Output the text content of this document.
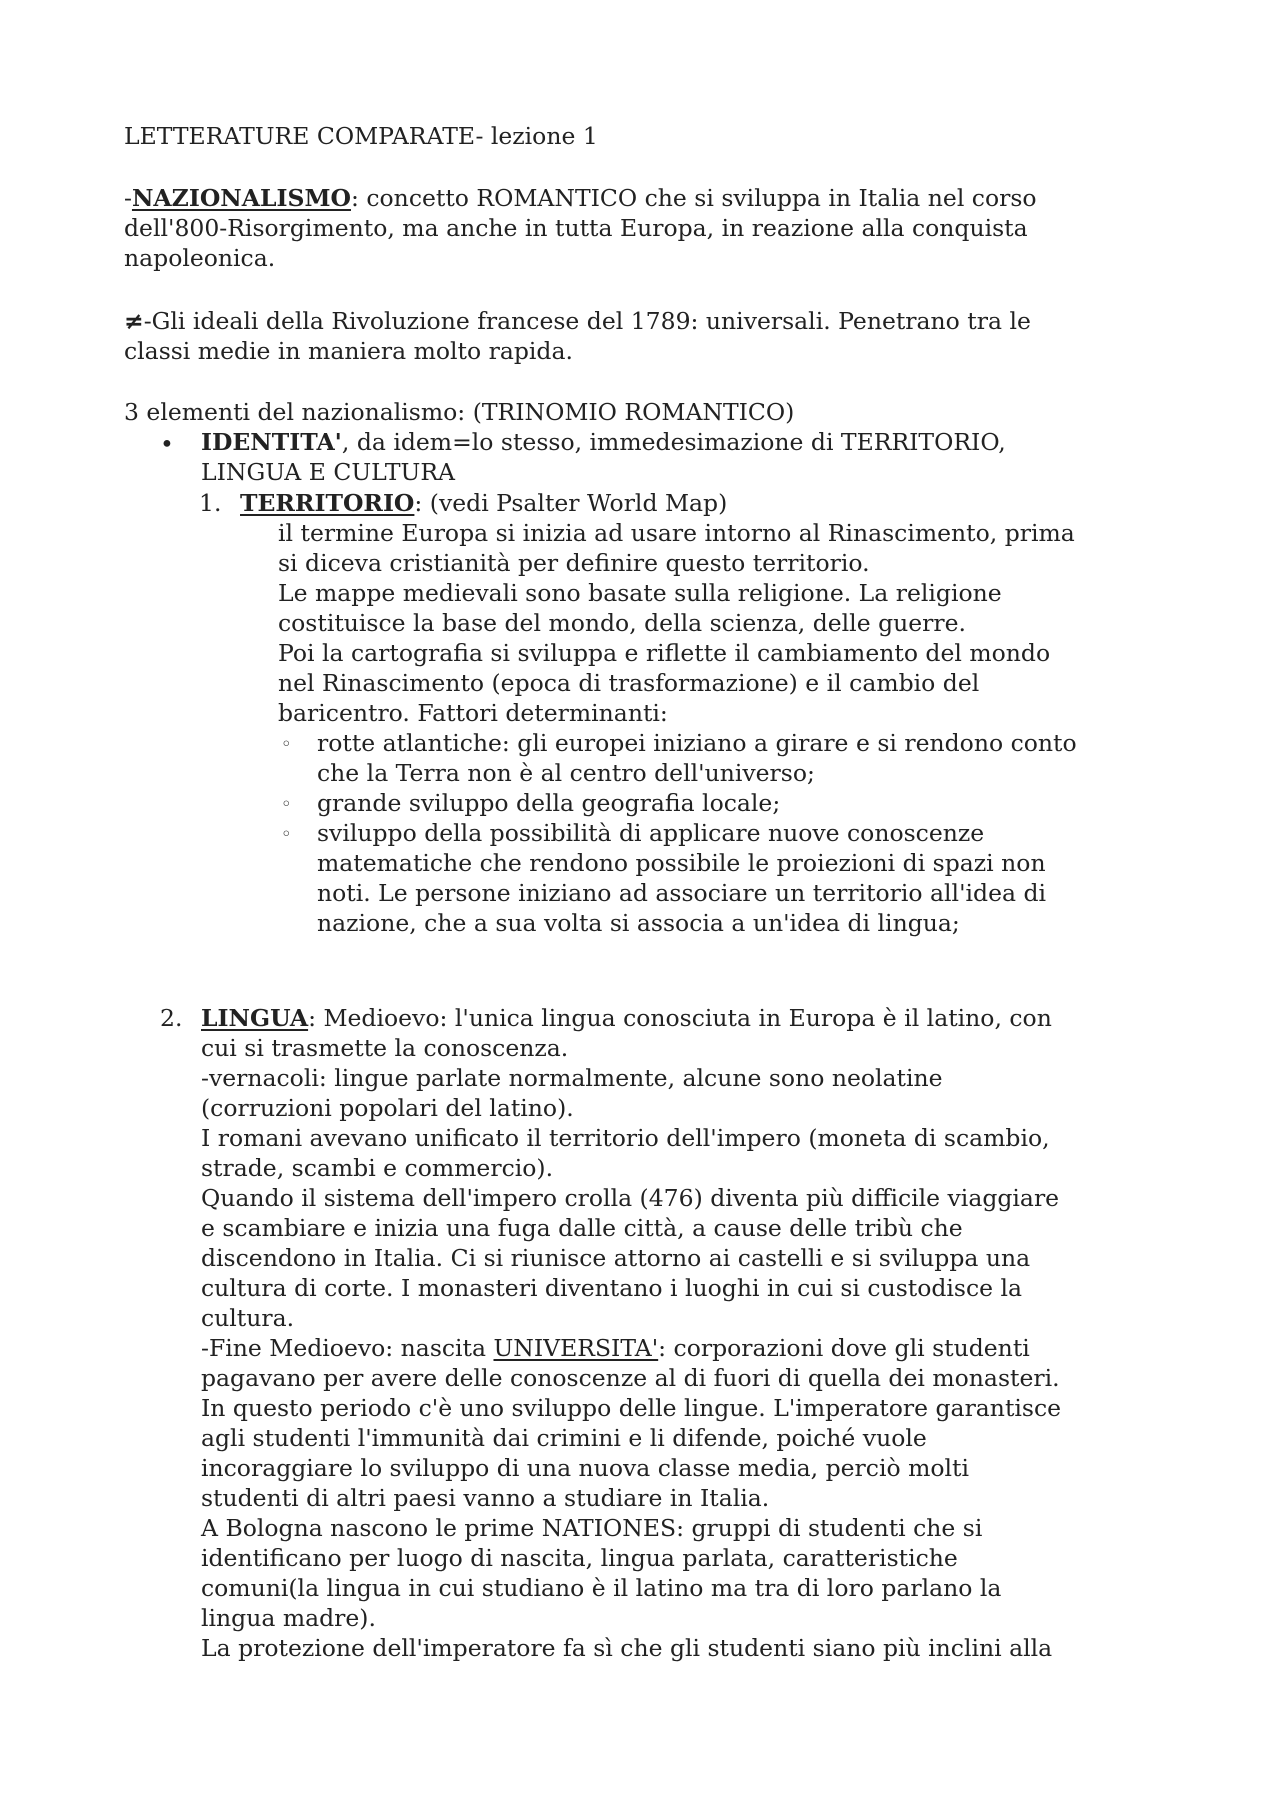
LETTERATURE COMPARATE- lezione 1

-NAZIONALISMO: concetto ROMANTICO che si sviluppa in Italia nel corso

dell'800-Risorgimento, ma anche in tutta Europa, in reazione alla conquista

napoleonica.

≠-Gli ideali della Rivoluzione francese del 1789: universali. Penetrano tra le

classi medie in maniera molto rapida.

3 elementi del nazionalismo: (TRINOMIO ROMANTICO)

• IDENTITA', da idem=lo stesso, immedesimazione di TERRITORIO,

LINGUA E CULTURA

1. TERRITORIO: (vedi Psalter World Map)

il termine Europa si inizia ad usare intorno al Rinascimento, prima

si diceva cristianità per definire questo territorio.

Le mappe medievali sono basate sulla religione. La religione

costituisce la base del mondo, della scienza, delle guerre.

Poi la cartografia si sviluppa e riflette il cambiamento del mondo

nel Rinascimento (epoca di trasformazione) e il cambio del

baricentro. Fattori determinanti:

◦ rotte atlantiche: gli europei iniziano a girare e si rendono conto

che la Terra non è al centro dell'universo;

◦ grande sviluppo della geografia locale;

◦ sviluppo della possibilità di applicare nuove conoscenze

matematiche che rendono possibile le proiezioni di spazi non

noti. Le persone iniziano ad associare un territorio all'idea di

nazione, che a sua volta si associa a un'idea di lingua;

2. LINGUA: Medioevo: l'unica lingua conosciuta in Europa è il latino, con

cui si trasmette la conoscenza.

-vernacoli: lingue parlate normalmente, alcune sono neolatine

(corruzioni popolari del latino).

I romani avevano unificato il territorio dell'impero (moneta di scambio,

strade, scambi e commercio).

Quando il sistema dell'impero crolla (476) diventa più difficile viaggiare

e scambiare e inizia una fuga dalle città, a cause delle tribù che

discendono in Italia. Ci si riunisce attorno ai castelli e si sviluppa una

cultura di corte. I monasteri diventano i luoghi in cui si custodisce la

cultura.

-Fine Medioevo: nascita UNIVERSITA': corporazioni dove gli studenti

pagavano per avere delle conoscenze al di fuori di quella dei monasteri.

In questo periodo c'è uno sviluppo delle lingue. L'imperatore garantisce

agli studenti l'immunità dai crimini e li difende, poiché vuole

incoraggiare lo sviluppo di una nuova classe media, perciò molti

studenti di altri paesi vanno a studiare in Italia.

A Bologna nascono le prime NATIONES: gruppi di studenti che si

identificano per luogo di nascita, lingua parlata, caratteristiche

comuni(la lingua in cui studiano è il latino ma tra di loro parlano la

lingua madre).

La protezione dell'imperatore fa sì che gli studenti siano più inclini alla
